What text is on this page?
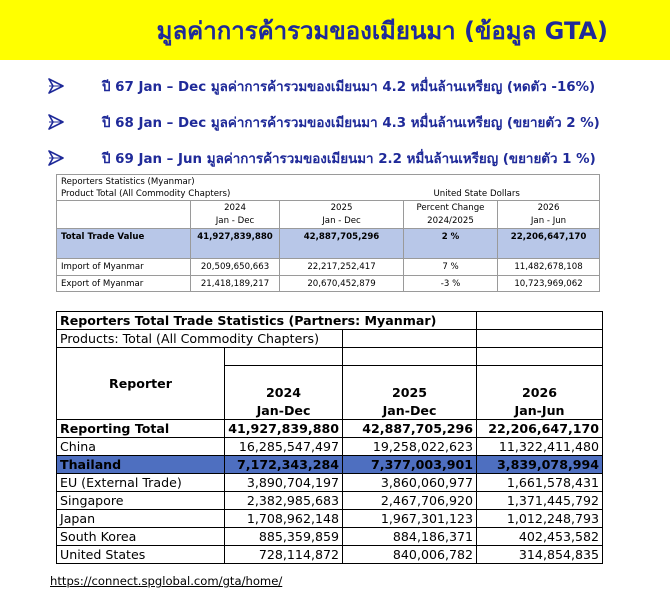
มูลค่าการค้ารวมของเมียนมา (ข้อมูล GTA)
ปี 67 Jan – Dec มูลค่าการค้ารวมของเมียนมา 4.2 หมื่นล้านเหรียญ (หดตัว -16%)
ปี 68 Jan – Dec มูลค่าการค้ารวมของเมียนมา 4.3 หมื่นล้านเหรียญ (ขยายตัว 2 %)
ปี 69 Jan – Jun มูลค่าการค้ารวมของเมียนมา 2.2 หมื่นล้านเหรียญ (ขยายตัว 1 %)
Reporters Statistics (Myanmar)				
Product Total (All Commodity Chapters)			United State Dollars	
	2024	2025	Percent Change	2026
	Jan - Dec	Jan - Dec	2024/2025	Jan - Jun
Total Trade Value	41,927,839,880	42,887,705,296	2 %	22,206,647,170

Import of Myanmar	20,509,650,663	22,217,252,417	7 %	11,482,678,108
Export of Myanmar	21,418,189,217	20,670,452,879	-3 %	10,723,969,062
Reporters Total Trade Statistics (Partners: Myanmar)			
Products: Total (All Commodity Chapters)			
Reporter			

	2024	2025	2026
	Jan-Dec	Jan-Dec	Jan-Jun
Reporting Total	41,927,839,880	42,887,705,296	22,206,647,170
China	16,285,547,497	19,258,022,623	11,322,411,480
Thailand	7,172,343,284	7,377,003,901	3,839,078,994
EU (External Trade)	3,890,704,197	3,860,060,977	1,661,578,431
Singapore	2,382,985,683	2,467,706,920	1,371,445,792
Japan	1,708,962,148	1,967,301,123	1,012,248,793
South Korea	885,359,859	884,186,371	402,453,582
United States	728,114,872	840,006,782	314,854,835
https://connect.spglobal.com/gta/home/
